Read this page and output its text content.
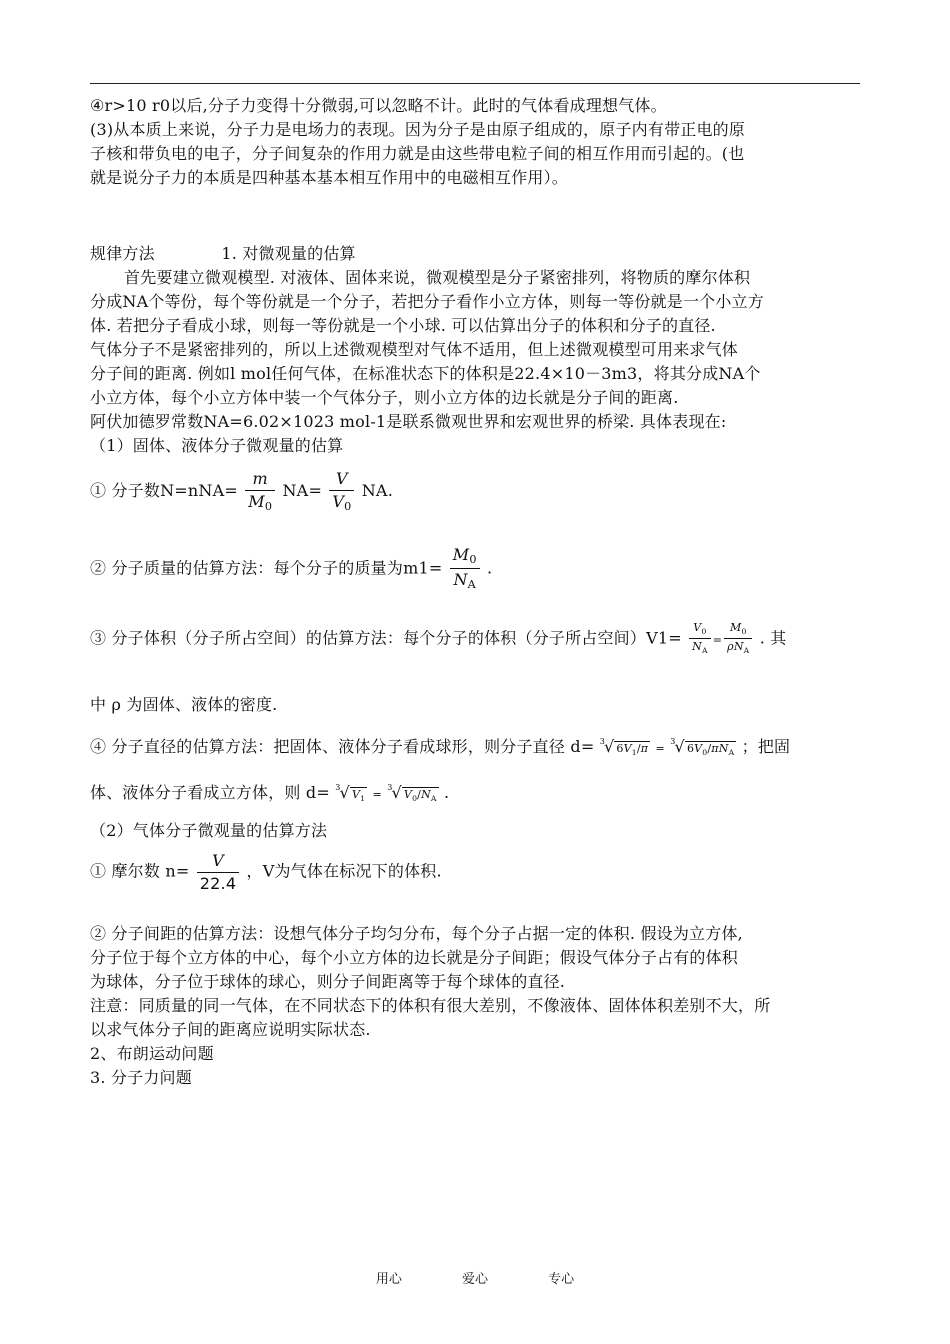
④r>10 r0以后,分子力变得十分微弱,可以忽略不计。此时的气体看成理想气体。
(3)从本质上来说，分子力是电场力的表现。因为分子是由原子组成的，原子内有带正电的原
子核和带负电的电子，分子间复杂的作用力就是由这些带电粒子间的相互作用而引起的。(也
就是说分子力的本质是四种基本基本相互作用中的电磁相互作用）。
规律方法	1. 对微观量的估算
首先要建立微观模型. 对液体、固体来说，微观模型是分子紧密排列，将物质的摩尔体积
分成NA个等份，每个等份就是一个分子，若把分子看作小立方体，则每一等份就是一个小立方
体. 若把分子看成小球，则每一等份就是一个小球. 可以估算出分子的体积和分子的直径.
气体分子不是紧密排列的，所以上述微观模型对气体不适用，但上述微观模型可用来求气体
分子间的距离. 例如l mol任何气体，在标准状态下的体积是22.4×10－3m3，将其分成NA个
小立方体，每个小立方体中装一个气体分子，则小立方体的边长就是分子间的距离.
阿伏加德罗常数NA=6.02×1023 mol-1是联系微观世界和宏观世界的桥梁. 具体表现在:
（1）固体、液体分子微观量的估算
① 分子数$N=nNA= \frac{m}{M_0} NA= \frac{V}{V_0}$ NA.
② 分子质量的估算方法：每个分子的质量为$m1= \frac{M_0}{N_A}$ .
③ 分子体积（分子所占空间）的估算方法：每个分子的体积（分子所占空间）$V1= \frac{V_0}{N_A} = \frac{M_0}{\rho N_A}$ . 其
中 ρ 为固体、液体的密度.
④ 分子直径的估算方法：把固体、液体分子看成球形，则分子直径 d= $^3$√ $6V_1/\pi = ^3√$ $6V_0/\pi N_A$ ；把固
体、液体分子看成立方体，则 d= $^3$√ $V_1 = ^3√$ $V_0/N_A$ .
（2）气体分子微观量的估算方法
① 摩尔数 $n= \frac{V}{22.4}$ ，V为气体在标况下的体积.
② 分子间距的估算方法：设想气体分子均匀分布，每个分子占据一定的体积. 假设为立方体,
分子位于每个立方体的中心，每个小立方体的边长就是分子间距；假设气体分子占有的体积
为球体，分子位于球体的球心，则分子间距离等于每个球体的直径.
注意：同质量的同一气体，在不同状态下的体积有很大差别，不像液体、固体体积差别不大，所
以求气体分子间的距离应说明实际状态.
2、布朗运动问题
3. 分子力问题
用心	爱心	专心
